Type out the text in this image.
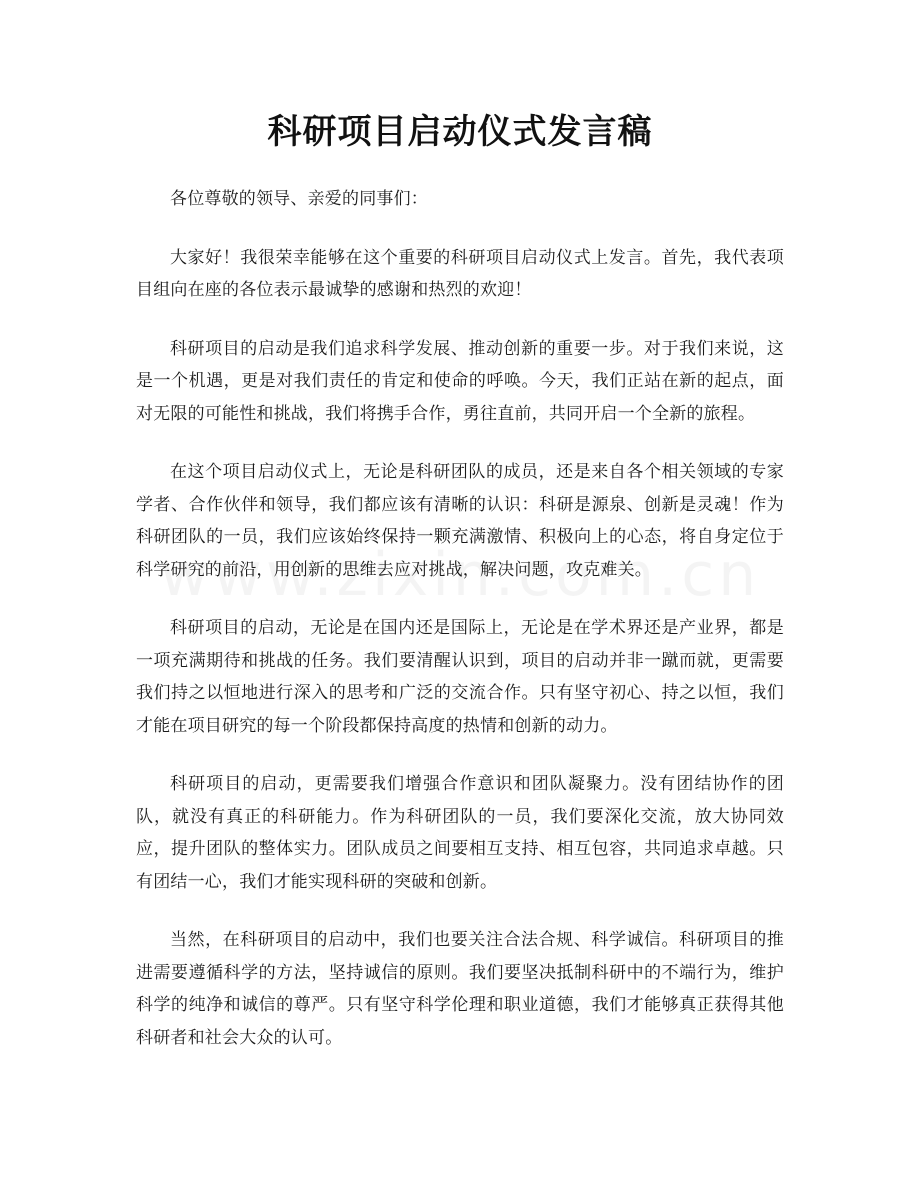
科研项目启动仪式发言稿

各位尊敬的领导、亲爱的同事们：

大家好！我很荣幸能够在这个重要的科研项目启动仪式上发言。首先，我代表项目组向在座的各位表示最诚挚的感谢和热烈的欢迎！

科研项目的启动是我们追求科学发展、推动创新的重要一步。对于我们来说，这是一个机遇，更是对我们责任的肯定和使命的呼唤。今天，我们正站在新的起点，面对无限的可能性和挑战，我们将携手合作，勇往直前，共同开启一个全新的旅程。

在这个项目启动仪式上，无论是科研团队的成员，还是来自各个相关领域的专家学者、合作伙伴和领导，我们都应该有清晰的认识：科研是源泉、创新是灵魂！作为科研团队的一员，我们应该始终保持一颗充满激情、积极向上的心态，将自身定位于科学研究的前沿，用创新的思维去应对挑战，解决问题，攻克难关。

科研项目的启动，无论是在国内还是国际上，无论是在学术界还是产业界，都是一项充满期待和挑战的任务。我们要清醒认识到，项目的启动并非一蹴而就，更需要我们持之以恒地进行深入的思考和广泛的交流合作。只有坚守初心、持之以恒，我们才能在项目研究的每一个阶段都保持高度的热情和创新的动力。

科研项目的启动，更需要我们增强合作意识和团队凝聚力。没有团结协作的团队，就没有真正的科研能力。作为科研团队的一员，我们要深化交流，放大协同效应，提升团队的整体实力。团队成员之间要相互支持、相互包容，共同追求卓越。只有团结一心，我们才能实现科研的突破和创新。

当然，在科研项目的启动中，我们也要关注合法合规、科学诚信。科研项目的推进需要遵循科学的方法，坚持诚信的原则。我们要坚决抵制科研中的不端行为，维护科学的纯净和诚信的尊严。只有坚守科学伦理和职业道德，我们才能够真正获得其他科研者和社会大众的认可。
